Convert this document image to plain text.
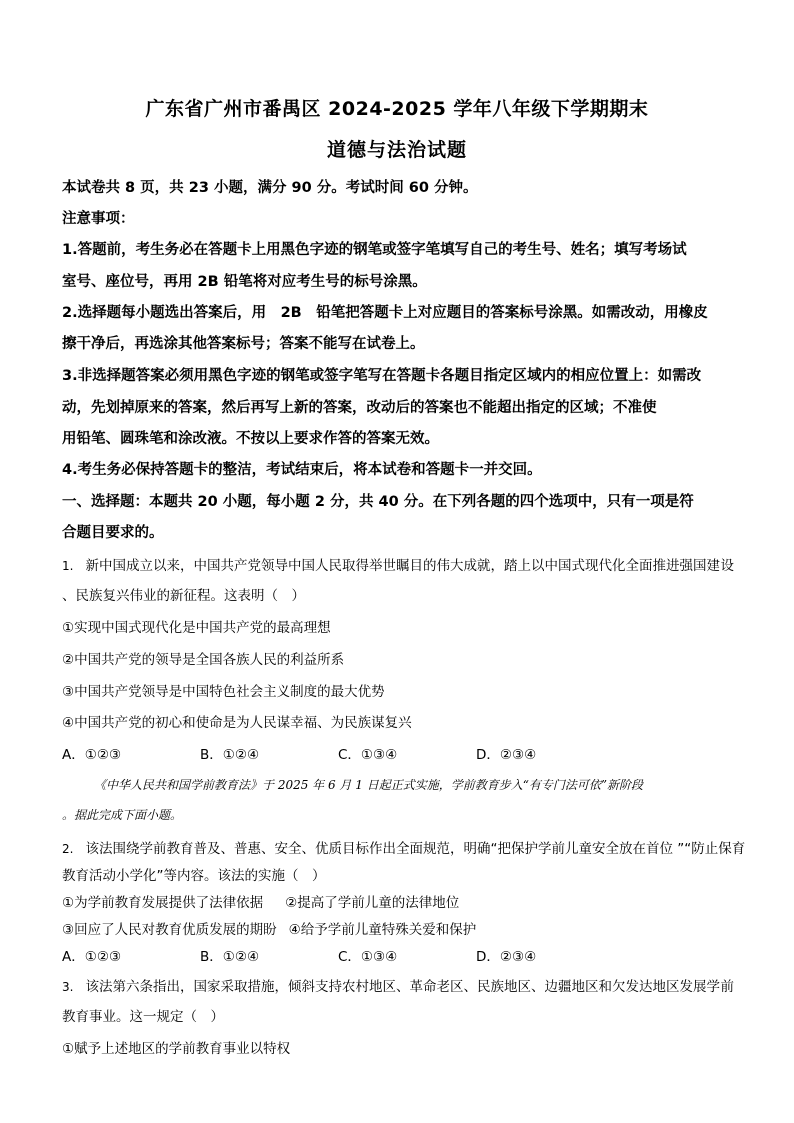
广东省广州市番禺区 2024-2025 学年八年级下学期期末
道德与法治试题
本试卷共 8 页，共 23 小题，满分 90 分。考试时间 60 分钟。
注意事项：
1.答题前，考生务必在答题卡上用黑色字迹的钢笔或签字笔填写自己的考生号、姓名；填写考场试
室号、座位号，再用 2B 铅笔将对应考生号的标号涂黑。
2.选择题每小题选出答案后，用　2B　铅笔把答题卡上对应题目的答案标号涂黑。如需改动，用橡皮
擦干净后，再选涂其他答案标号；答案不能写在试卷上。
3.非选择题答案必须用黑色字迹的钢笔或签字笔写在答题卡各题目指定区域内的相应位置上：如需改
动，先划掉原来的答案，然后再写上新的答案，改动后的答案也不能超出指定的区域；不准使
用铅笔、圆珠笔和涂改液。不按以上要求作答的答案无效。
4.考生务必保持答题卡的整洁，考试结束后，将本试卷和答题卡一并交回。
一、选择题：本题共 20 小题，每小题 2 分，共 40 分。在下列各题的四个选项中，只有一项是符
合题目要求的。
1. 新中国成立以来，中国共产党领导中国人民取得举世瞩目的伟大成就，踏上以中国式现代化全面推进强国建 设
、民族复兴伟业的新征程。这表明（　）
①实现中国式现代化是中国共产党的最高理想
②中国共产党的领导是全国各族人民的利益所系
③中国共产党领导是中国特色社会主义制度的最大优势
④中国共产党的初心和使命是为人民谋幸福、为民族谋复兴
A．①②③	B．①②④	C．①③④	D．②③④
《中华人民共和国学前教育法》于 2025 年 6 月 1 日起正式实施，学前教育步入“有专门法可依”新阶段
。据此完成下面小题。
2. 该法围绕学前教育普及、普惠、安全、优质目标作出全面规范，明确 “把保护学前儿童安全放在首位 ”“防止保育
教育活动小学化”等内容。该法的实施（　）
①为学前教育发展提供了法律依据 ②提高了学前儿童的法律地位
③回应了人民对教育优质发展的期盼 ④给予学前儿童特殊关爱和保护
A．①②③	B．①②④	C．①③④	D．②③④
3. 该法第六条指出，国家采取措施，倾斜支持农村地区、革命老区、民族地区、边疆地区和欠发达地区发展学 前
教育事业。这一规定（　）
①赋予上述地区的学前教育事业以特权
